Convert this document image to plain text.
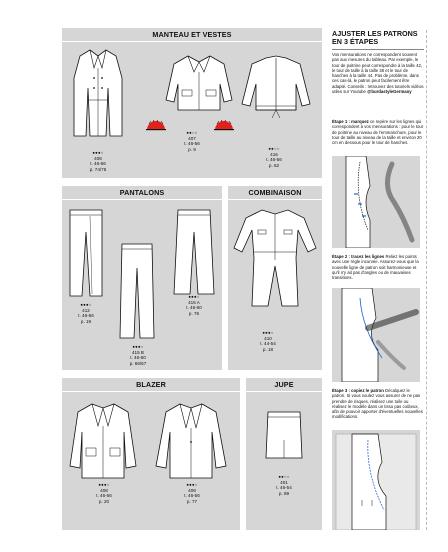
MANTEAU ET VESTES
●●●○
408
t. 46-56
p. 74/75
●●○○
407
t. 46-56
p. 9	●●○○
416
t. 46-56
p. 62
PANTALONS
●●●○
412
t. 46-56
p. 19
●●●○
415 B
t. 46-60
p. 66/67
●●●○
415 A
t. 46-60
p. 76
COMBINAISON
●●●○
410
t. 44-54
p. 18
BLAZER
●●●○
408
t. 46-56
p. 20
●●●○
409
t. 46-56
p. 77
JUPE
●●○○
401
t. 46-54
p. 89
AJUSTER LES PATRONS EN 3 ÉTAPES
Vos mensurations ne correspondent souvent pas aux mesures du tableau. Par exemple, le tour de poitrine peut correspondre à la taille 42, le tour de taille à la taille 38 et le tour de hanches à la taille 44. Pas de problème, dans ces cas-là, le patron peut facilement être adapté. Conseils : retrouvez des tutoriels vidéos utiles sur Youtube @burdastyleGermany
Étape 1 : marquez ce repère sur les lignes qui correspondent à vos mensurations : pour le tour de poitrine au niveau de l'emmanchure, pour le tour de taille au niveau de la taille et environ 20 cm en dessous pour le tour de hanches.
Étape 2 : tracez les lignes Reliez les points avec une règle incurvée. Assurez-vous que la nouvelle ligne de patron soit harmonieuse et qu'il n'y ait pas d'angles ou de mauvaises transitions.
Étape 3 : copiez le patron Décalquez le patron. Si vous voulez vous assurer de ne pas prendre de risques, réalisez une toile ou réalisez le modèle dans un tissu pas coûteux, afin de pouvoir apporter d'éventuelles nouvelles modifications.
